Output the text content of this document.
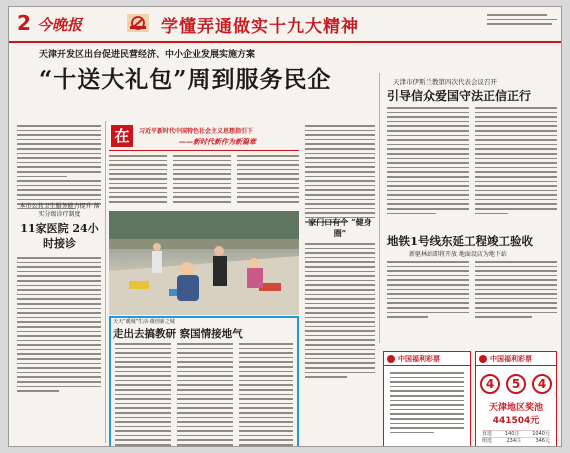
2 今晚报	学懂弄通做实十九大精神
天津开发区出台促进民营经济、中小企业发展实施方案
“十送大礼包”周到服务民企
本市公共卫生服务能力提升 落实分级诊疗制度
11家医院 24小时接诊
在	习近平新时代中国特色社会主义思想指引下
——新时代新作为新篇章
家门口有个 “健身圈”
天天“暖城”生活·微创新之城
走出去搞教研 察国情接地气
天津市伊斯兰教第四次代表会议召开
引导信众爱国守法正信正行
地铁1号线东延工程竣工验收
新驱林站即将开放 地面设店为地下站
中国福利彩票	中国福利彩票
4	5	4
天津地区奖池441504元
直选	140注	1040元
组选	234注	346元
